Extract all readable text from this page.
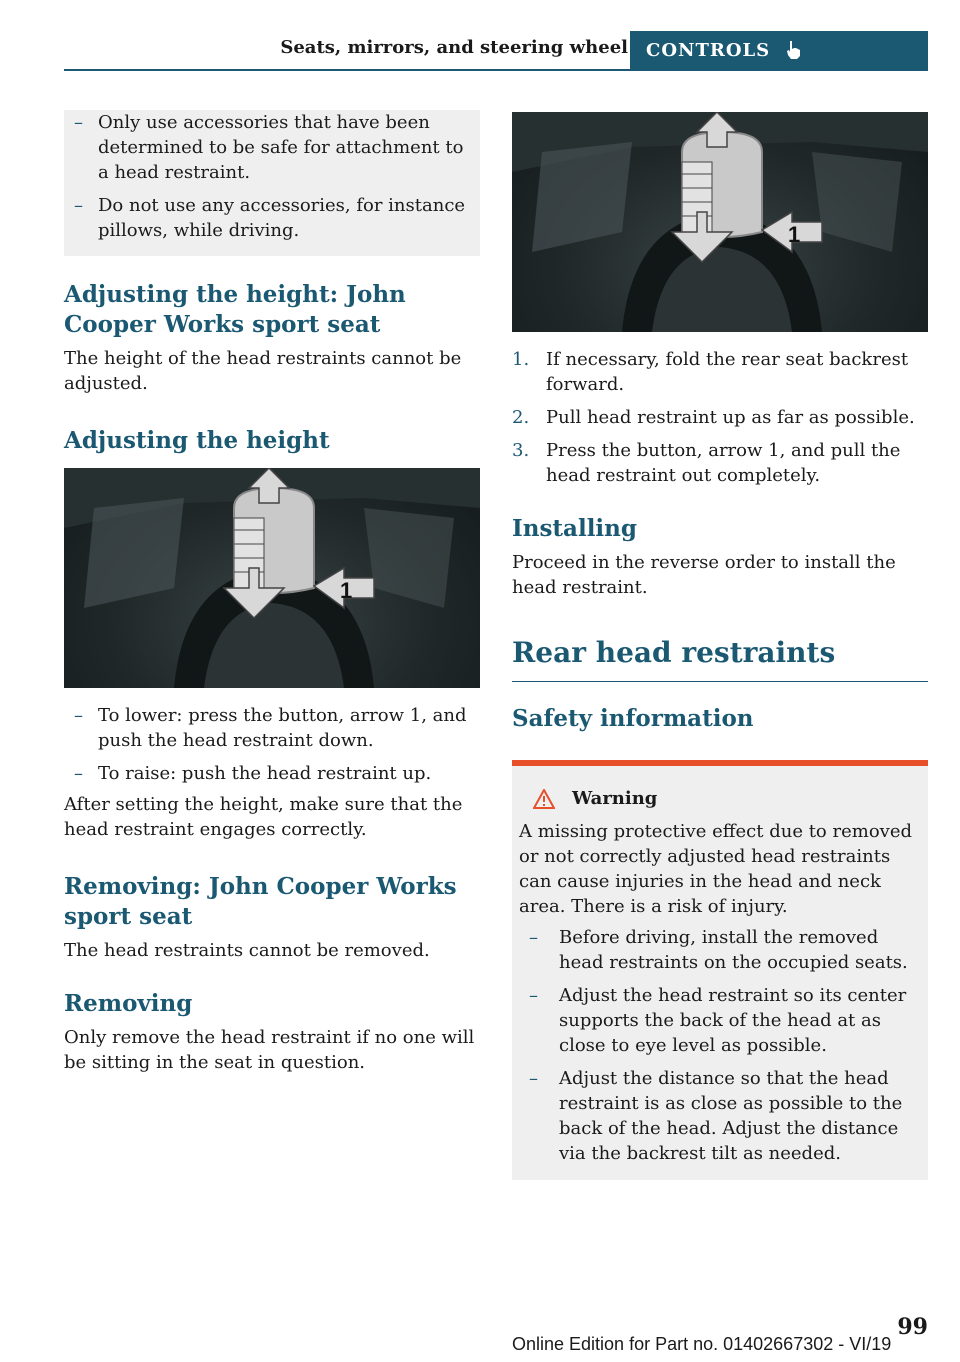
Seats, mirrors, and steering wheel CONTROLS
– Only use accessories that have been determined to be safe for attachment to a head restraint.
– Do not use any accessories, for instance pillows, while driving.
Adjusting the height: John Cooper Works sport seat

The height of the head restraints cannot be adjusted.

Adjusting the height
1
– To lower: press the button, arrow 1, and push the head restraint down.
– To raise: push the head restraint up.

After setting the height, make sure that the head restraint engages correctly.

Removing: John Cooper Works sport seat

The head restraints cannot be removed.

Removing

Only remove the head restraint if no one will be sitting in the seat in question.

1
1. If necessary, fold the rear seat backrest forward.
2. Pull head restraint up as far as possible.
3. Press the button, arrow 1, and pull the head restraint out completely.
Installing

Proceed in the reverse order to install the head restraint.

Rear head restraints
Safety information
Warning

A missing protective effect due to removed or not correctly adjusted head restraints can cause injuries in the head and neck area. There is a risk of injury.

– Before driving, install the removed head restraints on the occupied seats.
– Adjust the head restraint so its center supports the back of the head at as close to eye level as possible.
– Adjust the distance so that the head restraint is as close as possible to the back of the head. Adjust the distance via the backrest tilt as needed.
99
Online Edition for Part no. 01402667302 - VI/19
